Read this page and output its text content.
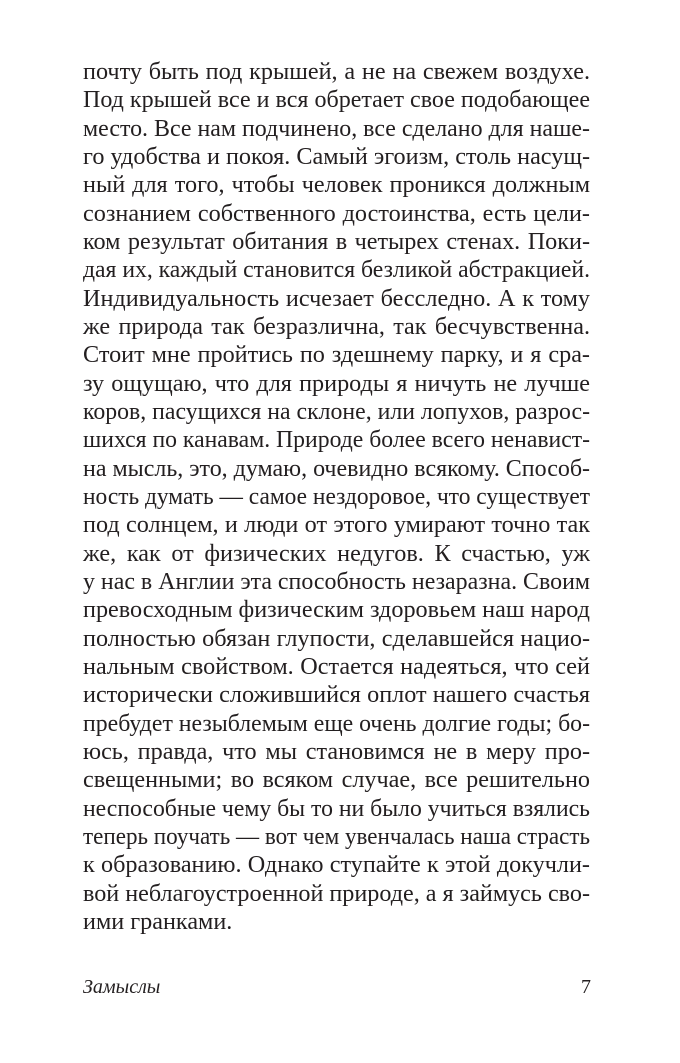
почту быть под крышей, а не на свежем воздухе.
Под крышей все и вся обретает свое подобающее
место. Все нам подчинено, все сделано для наше-
го удобства и покоя. Самый эгоизм, столь насущ-
ный для того, чтобы человек проникся должным
сознанием собственного достоинства, есть цели-
ком результат обитания в четырех стенах. Поки-
дая их, каждый становится безликой абстракцией.
Индивидуальность исчезает бесследно. А к тому
же природа так безразлична, так бесчувственна.
Стоит мне пройтись по здешнему парку, и я сра-
зу ощущаю, что для природы я ничуть не лучше
коров, пасущихся на склоне, или лопухов, разрос-
шихся по канавам. Природе более всего ненавист-
на мысль, это, думаю, очевидно всякому. Способ-
ность думать — самое нездоровое, что существует
под солнцем, и люди от этого умирают точно так
же, как от физических недугов. К счастью, уж
у нас в Англии эта способность незаразна. Своим
превосходным физическим здоровьем наш народ
полностью обязан глупости, сделавшейся нацио-
нальным свойством. Остается надеяться, что сей
исторически сложившийся оплот нашего счастья
пребудет незыблемым еще очень долгие годы; бо-
юсь, правда, что мы становимся не в меру про-
свещенными; во всяком случае, все решительно
неспособные чему бы то ни было учиться взялись
теперь поучать — вот чем увенчалась наша страсть
к образованию. Однако ступайте к этой докучли-
вой неблагоустроенной природе, а я займусь сво-
ими гранками.
Замыслы	7
